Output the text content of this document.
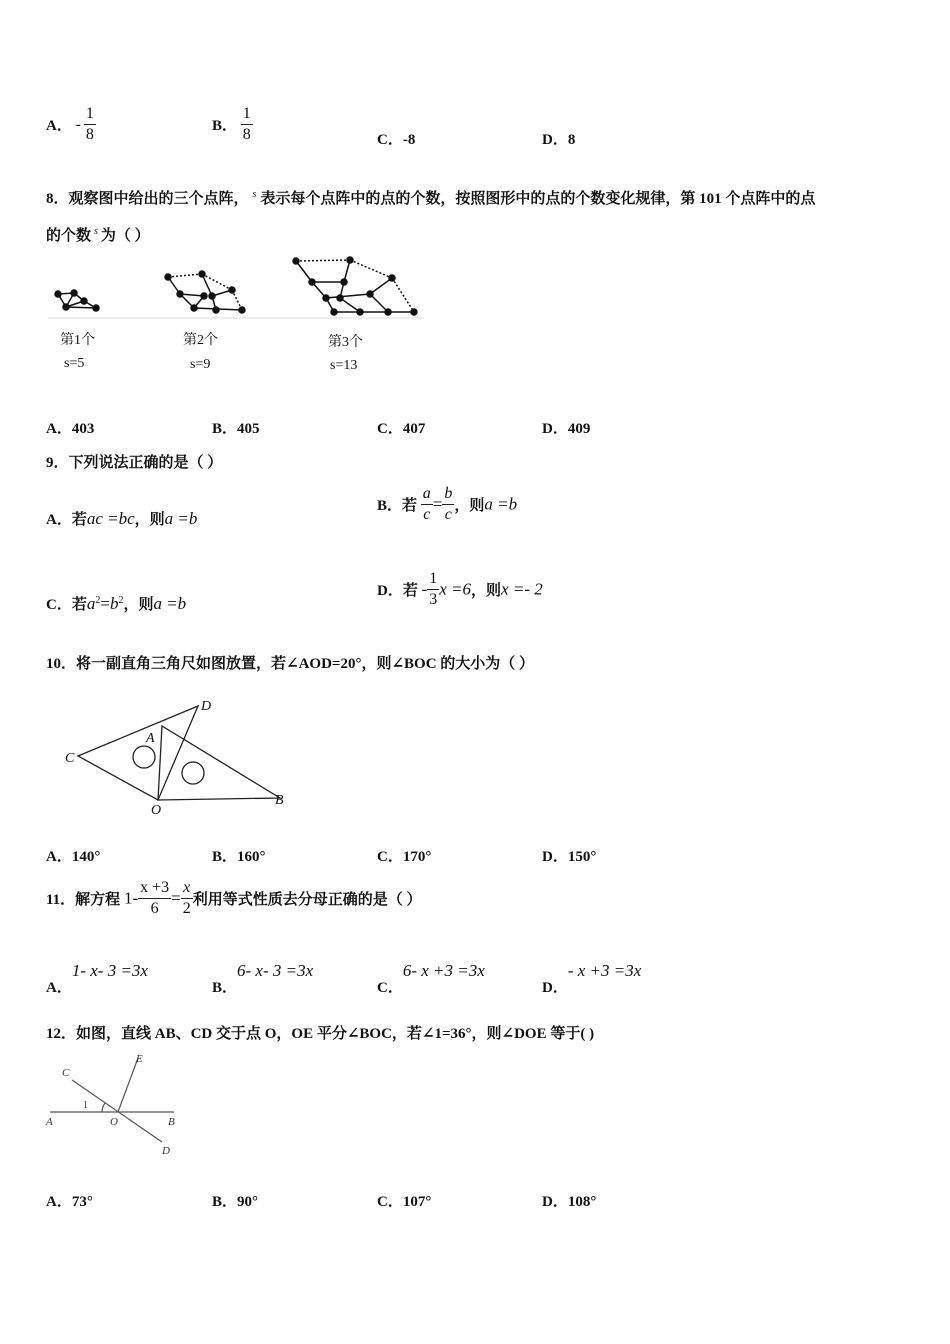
A． - $\frac{1}{8}$	B． $\frac{1}{8}$	C．-8	D．8
8．观察图中给出的三个点阵， $^s$ 表示每个点阵中的点的个数，按照图形中的点的个数变化规律，第 101 个点阵中的点
的个数 $^s$ 为（ ）
第1个
s=5
第2个
s=9
第3个
s=13
A．403	B．405	C．407	D．409
9．下列说法正确的是（ ）
A．若ac =bc，则a =b
B．若 $\frac{a}{c} = \frac{b}{c}$ ，则a =b
C．若$a^2=b^2$，则a =b
D．若 - $\frac{1}{3}$ x =6，则x =- 2
10．将一副直角三角尺如图放置，若∠AOD=20°，则∠BOC 的大小为（ ）
C
D
A
O
B
A．140°	B．160°	C．170°	D．150°
11．解方程 $1- \frac{x +3}{6} = \frac{x}{2}$ 利用等式性质去分母正确的是（ ）
A．1- x- 3 =3x
B．6- x- 3 =3x
C．6- x +3 =3x
D．- x +3 =3x
12．如图，直线 AB、CD 交于点 O，OE 平分∠BOC，若∠1=36°，则∠DOE 等于( )
C
E
A	O	B
D
1
A．73°	B．90°	C．107°	D．108°
